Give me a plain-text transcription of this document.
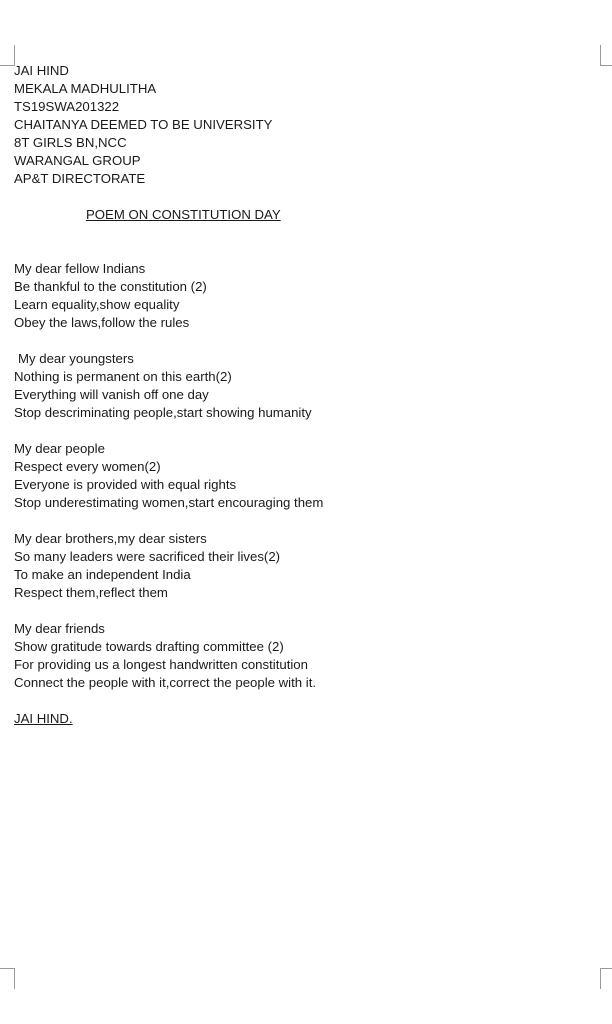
JAI HIND
MEKALA MADHULITHA
TS19SWA201322
CHAITANYA DEEMED TO BE UNIVERSITY
8T GIRLS BN,NCC
WARANGAL GROUP
AP&T DIRECTORATE
POEM ON CONSTITUTION DAY
My dear fellow Indians
Be thankful to the constitution (2)
Learn equality,show equality
Obey the laws,follow the rules
My dear youngsters
Nothing is permanent on this earth(2)
Everything will vanish off one day
Stop descriminating people,start showing humanity
My dear people
Respect every women(2)
Everyone is provided with equal rights
Stop underestimating women,start encouraging them
My dear brothers,my dear sisters
So many leaders were sacrificed their lives(2)
To make an independent India
Respect them,reflect them
My dear friends
Show gratitude towards drafting committee (2)
For providing us a longest handwritten constitution
Connect the people with it,correct the people with it.
JAI HIND.
